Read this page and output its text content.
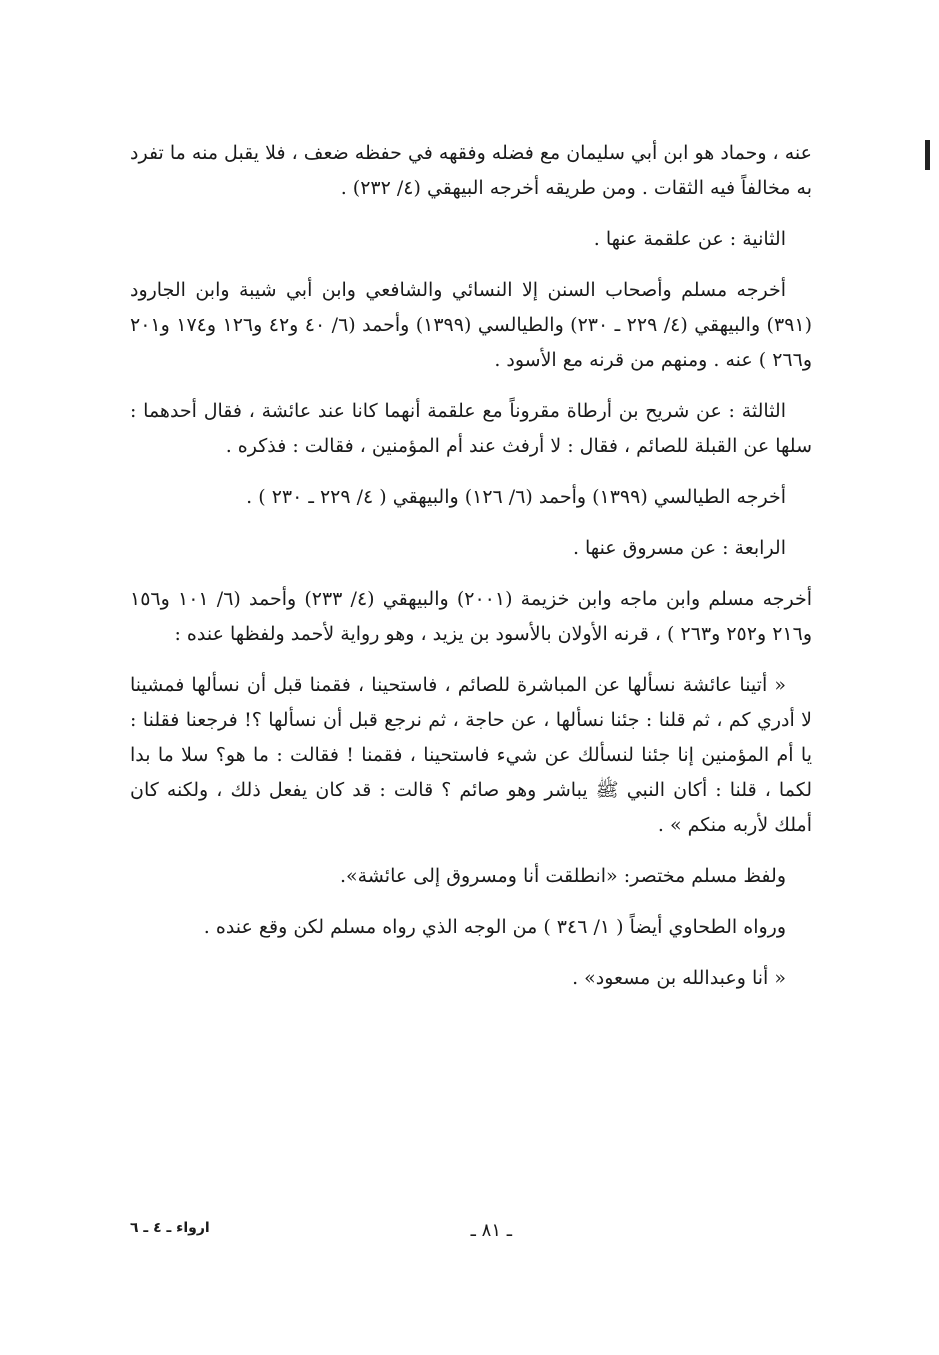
عنه ، وحماد هو ابن أبي سليمان مع فضله وفقهه في حفظه ضعف ، فلا يقبل منه ما تفرد به مخالفاً فيه الثقات . ومن طريقه أخرجه البيهقي (٤/ ٢٣٢) .

الثانية : عن علقمة عنها .

أخرجه مسلم وأصحاب السنن إلا النسائي والشافعي وابن أبي شيبة وابن الجارود (٣٩١) والبيهقي (٤/ ٢٢٩ ـ ٢٣٠) والطيالسي (١٣٩٩) وأحمد (٦/ ٤٠ و٤٢ و١٢٦ و١٧٤ و٢٠١ و٢٦٦ ) عنه . ومنهم من قرنه مع الأسود .

الثالثة : عن شريح بن أرطاة مقروناً مع علقمة أنهما كانا عند عائشة ، فقال أحدهما : سلها عن القبلة للصائم ، فقال : لا أرفث عند أم المؤمنين ، فقالت : فذكره .

أخرجه الطيالسي (١٣٩٩) وأحمد (٦/ ١٢٦) والبيهقي ( ٤/ ٢٢٩ ـ ٢٣٠ ) .

الرابعة : عن مسروق عنها .

أخرجه مسلم وابن ماجه وابن خزيمة (٢٠٠١) والبيهقي (٤/ ٢٣٣) وأحمد (٦/ ١٠١ و١٥٦ و٢١٦ و٢٥٢ و٢٦٣ ) ، قرنه الأولان بالأسود بن يزيد ، وهو رواية لأحمد ولفظها عنده :

« أتينا عائشة نسألها عن المباشرة للصائم ، فاستحينا ، فقمنا قبل أن نسألها فمشينا لا أدري كم ، ثم قلنا : جئنا نسألها ، عن حاجة ، ثم نرجع قبل أن نسألها ؟! فرجعنا فقلنا : يا أم المؤمنين إنا جئنا لنسألك عن شيء فاستحينا ، فقمنا ! فقالت : ما هو؟ سلا ما بدا لكما ، قلنا : أكان النبي ﷺ يباشر وهو صائم ؟ قالت : قد كان يفعل ذلك ، ولكنه كان أملك لأربه منكم » .

ولفظ مسلم مختصر: «انطلقت أنا ومسروق إلى عائشة».

ورواه الطحاوي أيضاً ( ١/ ٣٤٦ ) من الوجه الذي رواه مسلم لكن وقع عنده .

« أنا وعبدالله بن مسعود» .

ـ ٨١ ـ
ارواء ـ ٤ ـ ٦
